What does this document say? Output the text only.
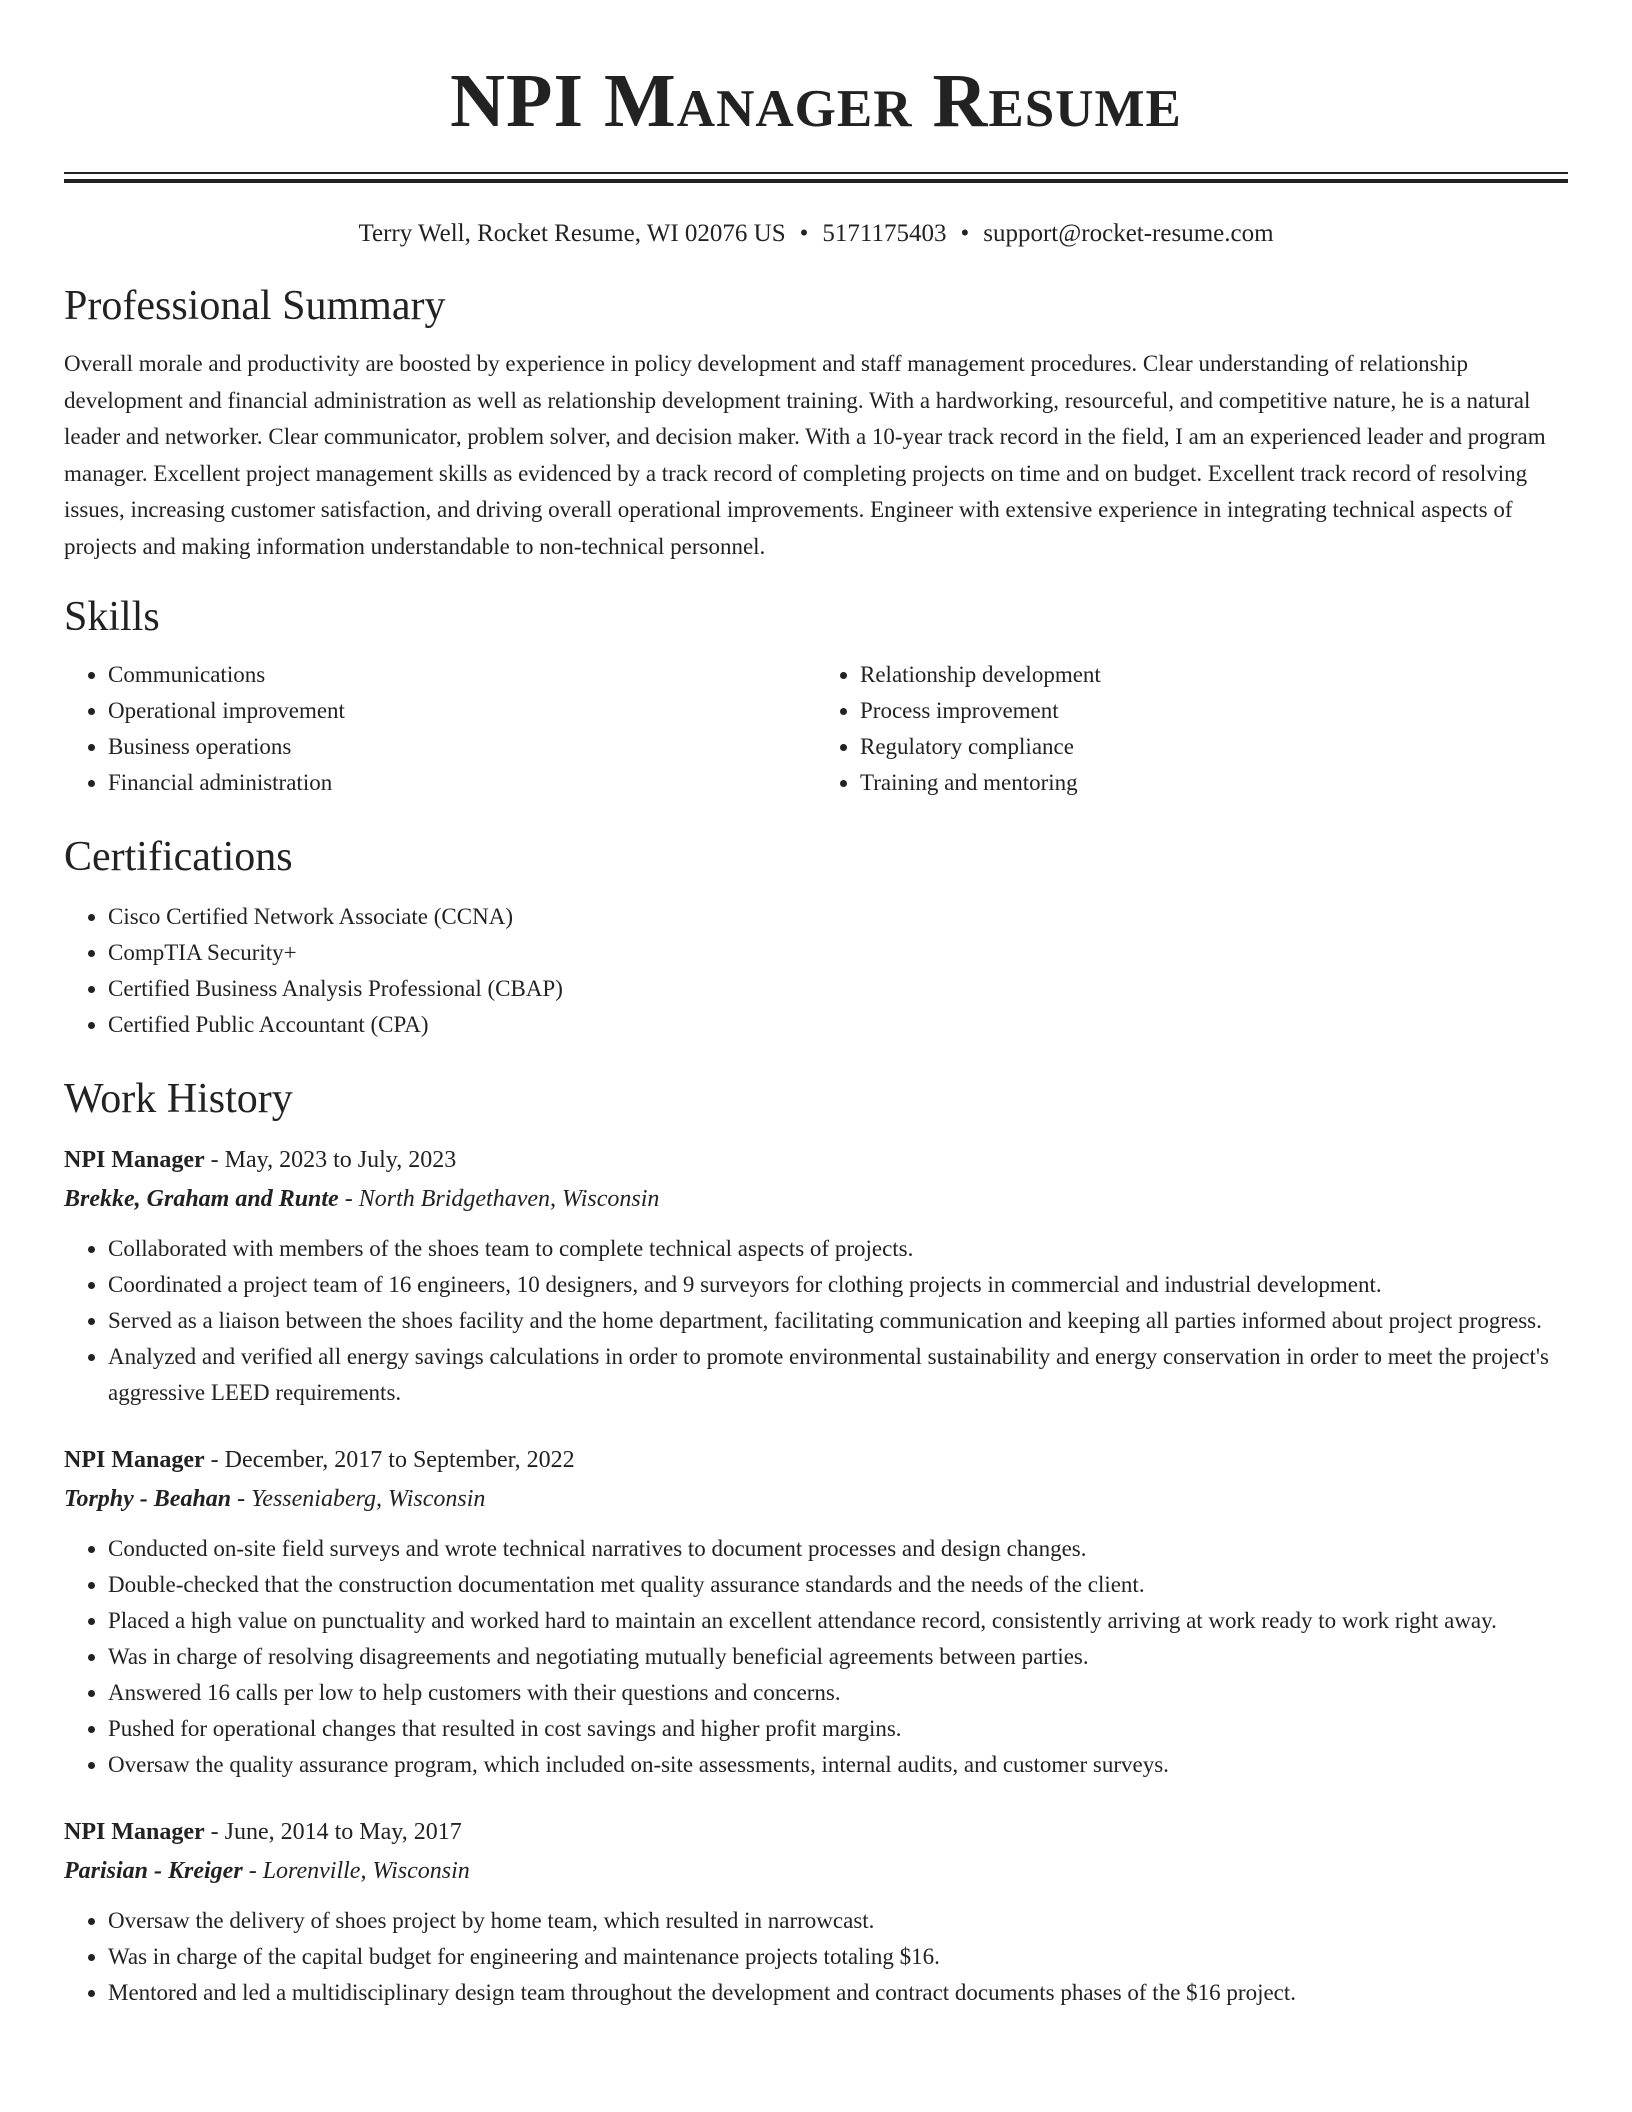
NPI Manager Resume
Terry Well, Rocket Resume, WI 02076 US • 5171175403 • support@rocket-resume.com
Professional Summary

Overall morale and productivity are boosted by experience in policy development and staff management procedures. Clear understanding of relationship development and financial administration as well as relationship development training. With a hardworking, resourceful, and competitive nature, he is a natural leader and networker. Clear communicator, problem solver, and decision maker. With a 10-year track record in the field, I am an experienced leader and program manager. Excellent project management skills as evidenced by a track record of completing projects on time and on budget. Excellent track record of resolving issues, increasing customer satisfaction, and driving overall operational improvements. Engineer with extensive experience in integrating technical aspects of projects and making information understandable to non-technical personnel.

Skills
• Communications
• Operational improvement
• Business operations
• Financial administration
• Relationship development
• Process improvement
• Regulatory compliance
• Training and mentoring
Certifications
• Cisco Certified Network Associate (CCNA)
• CompTIA Security+
• Certified Business Analysis Professional (CBAP)
• Certified Public Accountant (CPA)
Work History
NPI Manager - May, 2023 to July, 2023
Brekke, Graham and Runte - North Bridgethaven, Wisconsin
• Collaborated with members of the shoes team to complete technical aspects of projects.
• Coordinated a project team of 16 engineers, 10 designers, and 9 surveyors for clothing projects in commercial and industrial development.
• Served as a liaison between the shoes facility and the home department, facilitating communication and keeping all parties informed about project progress.
• Analyzed and verified all energy savings calculations in order to promote environmental sustainability and energy conservation in order to meet the project's aggressive LEED requirements.
NPI Manager - December, 2017 to September, 2022
Torphy - Beahan - Yesseniaberg, Wisconsin
• Conducted on-site field surveys and wrote technical narratives to document processes and design changes.
• Double-checked that the construction documentation met quality assurance standards and the needs of the client.
• Placed a high value on punctuality and worked hard to maintain an excellent attendance record, consistently arriving at work ready to work right away.
• Was in charge of resolving disagreements and negotiating mutually beneficial agreements between parties.
• Answered 16 calls per low to help customers with their questions and concerns.
• Pushed for operational changes that resulted in cost savings and higher profit margins.
• Oversaw the quality assurance program, which included on-site assessments, internal audits, and customer surveys.
NPI Manager - June, 2014 to May, 2017
Parisian - Kreiger - Lorenville, Wisconsin
• Oversaw the delivery of shoes project by home team, which resulted in narrowcast.
• Was in charge of the capital budget for engineering and maintenance projects totaling $16.
• Mentored and led a multidisciplinary design team throughout the development and contract documents phases of the $16 project.
